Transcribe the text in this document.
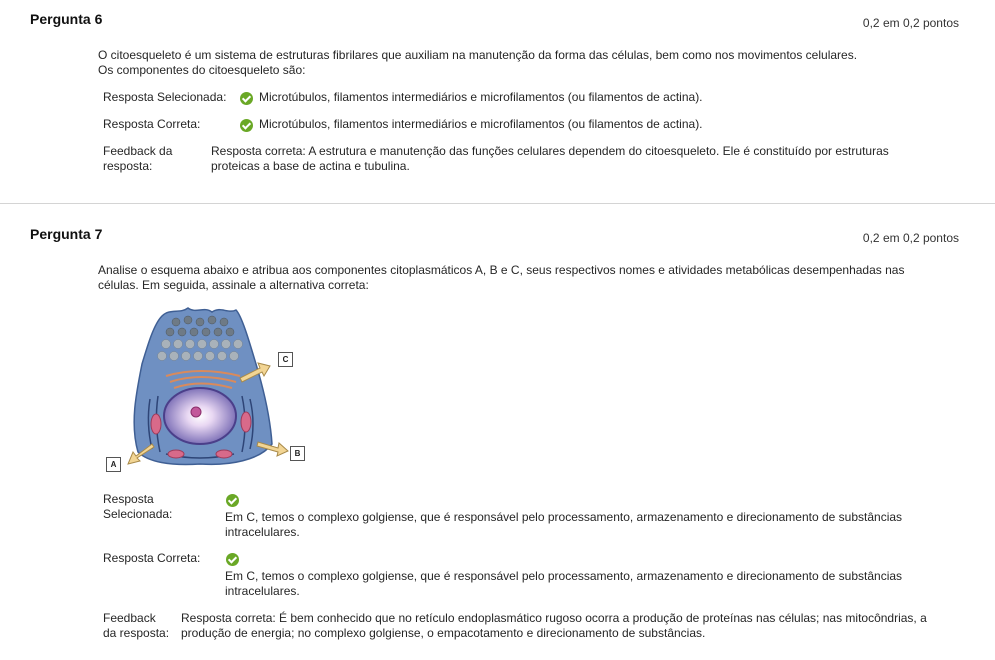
Pergunta 6	0,2 em 0,2 pontos
O citoesqueleto é um sistema de estruturas fibrilares que auxiliam na manutenção da forma das células, bem como nos movimentos celulares.
Os componentes do citoesqueleto são:
Resposta Selecionada:	Microtúbulos, filamentos intermediários e microfilamentos (ou filamentos de actina).
Resposta Correta:	Microtúbulos, filamentos intermediários e microfilamentos (ou filamentos de actina).
Feedback da
resposta:
Resposta correta: A estrutura e manutenção das funções celulares dependem do citoesqueleto. Ele é constituído por estruturas
proteicas a base de actina e tubulina.
Pergunta 7	0,2 em 0,2 pontos
Analise o esquema abaixo e atribua aos componentes citoplasmáticos A, B e C, seus respectivos nomes e atividades metabólicas desempenhadas nas
células. Em seguida, assinale a alternativa correta:
C
B
A
Resposta
Selecionada:	Em C, temos o complexo golgiense, que é responsável pelo processamento, armazenamento e direcionamento de substâncias
intracelulares.
Resposta Correta:
Em C, temos o complexo golgiense, que é responsável pelo processamento, armazenamento e direcionamento de substâncias
intracelulares.
Feedback
da resposta:
Resposta correta: É bem conhecido que no retículo endoplasmático rugoso ocorra a produção de proteínas nas células; nas mitocôndrias, a
produção de energia; no complexo golgiense, o empacotamento e direcionamento de substâncias.
